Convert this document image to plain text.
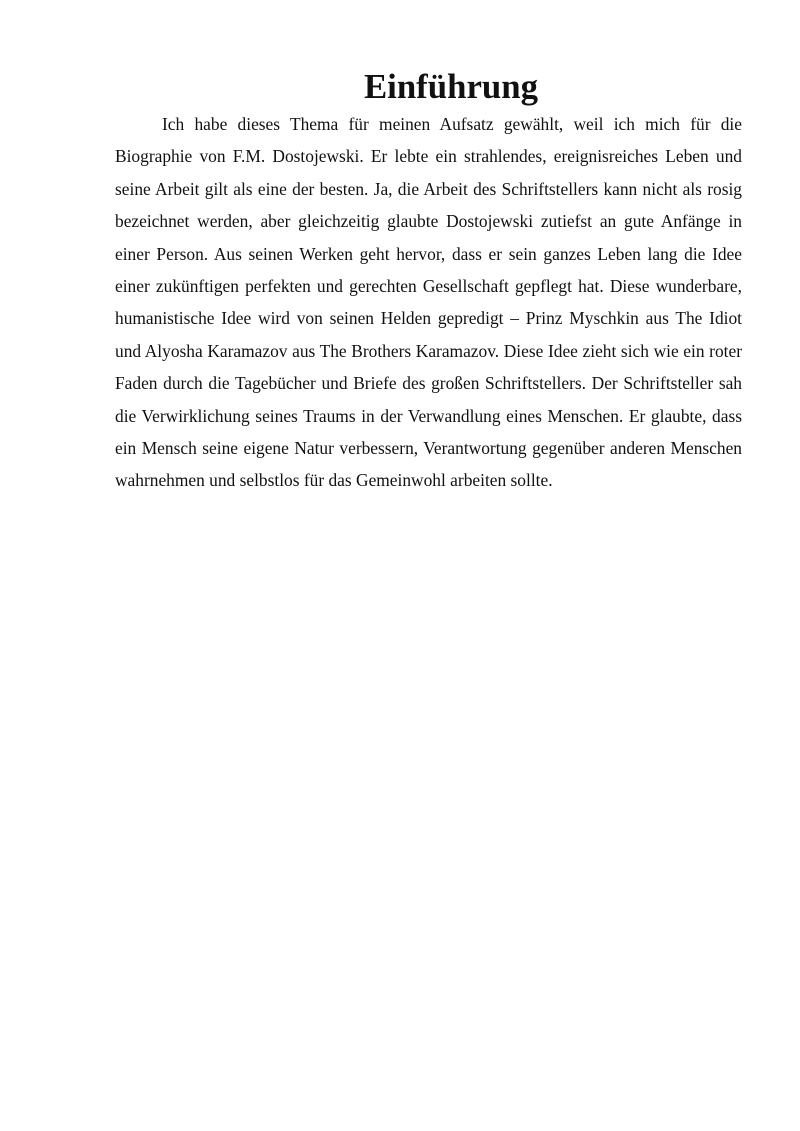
Einführung

Ich habe dieses Thema für meinen Aufsatz gewählt, weil ich mich für die Biographie von F.M. Dostojewski. Er lebte ein strahlendes, ereignisreiches Leben und seine Arbeit gilt als eine der besten. Ja, die Arbeit des Schriftstellers kann nicht als rosig bezeichnet werden, aber gleichzeitig glaubte Dostojewski zutiefst an gute Anfänge in einer Person. Aus seinen Werken geht hervor, dass er sein ganzes Leben lang die Idee einer zukünftigen perfekten und gerechten Gesellschaft gepflegt hat. Diese wunderbare, humanistische Idee wird von seinen Helden gepredigt – Prinz Myschkin aus The Idiot und Alyosha Karamazov aus The Brothers Karamazov. Diese Idee zieht sich wie ein roter Faden durch die Tagebücher und Briefe des großen Schriftstellers. Der Schriftsteller sah die Verwirklichung seines Traums in der Verwandlung eines Menschen. Er glaubte, dass ein Mensch seine eigene Natur verbessern, Verantwortung gegenüber anderen Menschen wahrnehmen und selbstlos für das Gemeinwohl arbeiten sollte.
